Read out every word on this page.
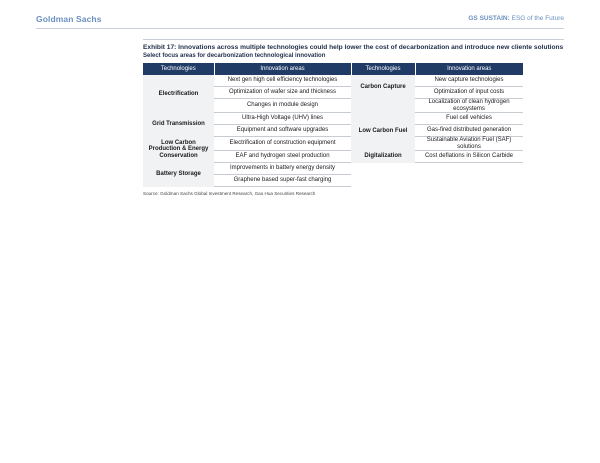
Goldman Sachs	GS SUSTAIN: ESG of the Future
Exhibit 17: Innovations across multiple technologies could help lower the cost of decarbonization and introduce new cliente solutions
Select focus areas for decarbonization technological innovation
Technologies	Innovation areas	Technologies	Innovation areas
Electrification	Next gen high cell efficiency technologies	Carbon Capture	New capture technologies
	Optimization of wafer size and thickness		Optimization of input costs
	Changes in module design		Localization of clean hydrogen ecosystems
Grid Transmission	Ultra-High Voltage (UHV) lines	Low Carbon Fuel	Fuel cell vehicles
	Equipment and software upgrades		Gas-fired distributed generation
Low Carbon Production & Energy Conservation	Electrification of construction equipment		Sustainable Aviation Fuel (SAF) solutions
	EAF and hydrogen steel production	Digitalization	Cost deflations in Silicon Carbide
Battery Storage	Improvements in battery energy density		
	Graphene based super-fast charging		
Source: Goldman Sachs Global Investment Research, Gao Hua Securities Research
